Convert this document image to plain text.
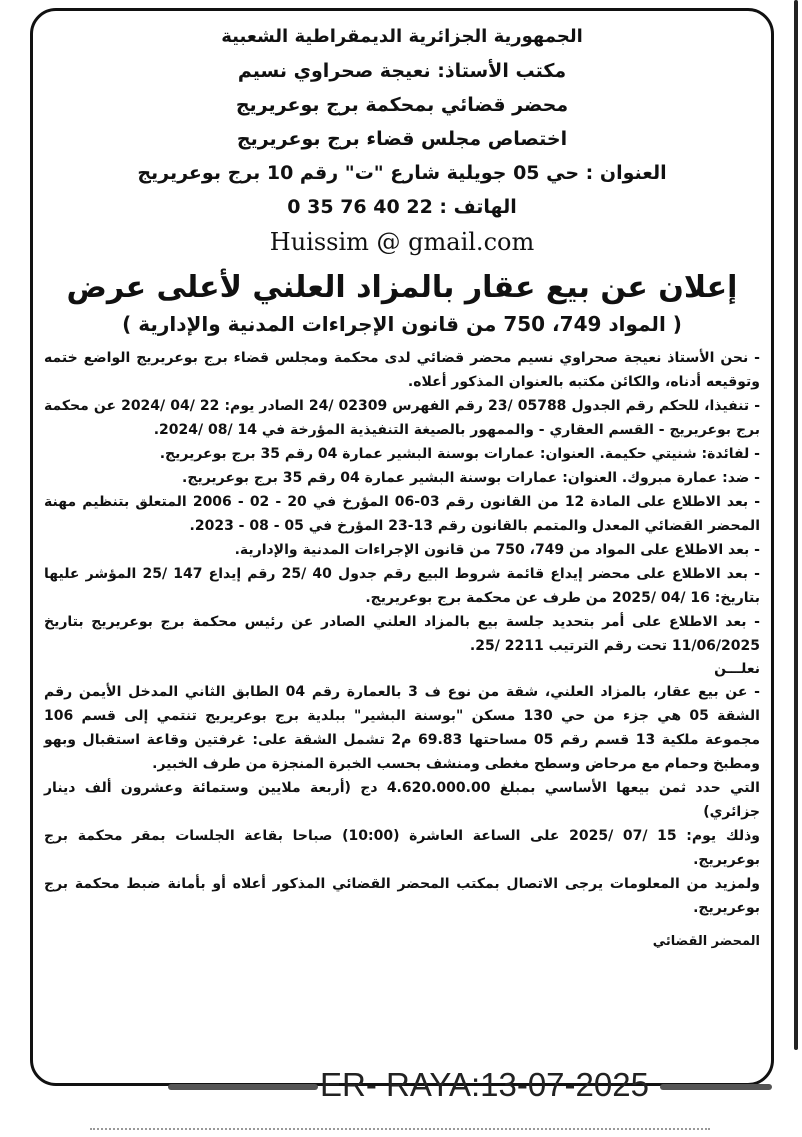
الجمهورية الجزائرية الديمقراطية الشعبية
مكتب الأستاذ: نعيجة صحراوي نسيم
محضر قضائي بمحكمة برج بوعريريج
اختصاص مجلس قضاء برج بوعريريج
العنوان : حي 05 جويلية شارع "ت" رقم 10 برج بوعريريج
الهاتف : 22 40 76 35 0
Huissim @ gmail.com
إعلان عن بيع عقار بالمزاد العلني لأعلى عرض
( المواد 749، 750 من قانون الإجراءات المدنية والإدارية )

- نحن الأستاذ نعيجة صحراوي نسيم محضر قضائي لدى محكمة ومجلس قضاء برج بوعريريج الواضع ختمه وتوقيعه أدناه، والكائن مكتبه بالعنوان المذكور أعلاه.

- تنفيذا، للحكم رقم الجدول 05788 /23 رقم الفهرس 02309 /24 الصادر يوم: 22 /04 /2024 عن محكمة برج بوعريريج - القسم العقاري - والممهور بالصيغة التنفيذية المؤرخة في 14 /08 /2024.

- لفائدة: شنيتي حكيمة. العنوان: عمارات بوسنة البشير عمارة 04 رقم 35 برج بوعريريج.

- ضد: عمارة مبروك. العنوان: عمارات بوسنة البشير عمارة 04 رقم 35 برج بوعريريج.

- بعد الاطلاع على المادة 12 من القانون رقم 03-06 المؤرخ في 20 - 02 - 2006 المتعلق بتنظيم مهنة المحضر القضائي المعدل والمتمم بالقانون رقم 13-23 المؤرخ في 05 - 08 - 2023.

- بعد الاطلاع على المواد من 749، 750 من قانون الإجراءات المدنية والإدارية.

- بعد الاطلاع على محضر إيداع قائمة شروط البيع رقم جدول 40 /25 رقم إيداع 147 /25 المؤشر عليها بتاريخ: 16 /04 /2025 من طرف عن محكمة برج بوعريريج.

- بعد الاطلاع على أمر بتحديد جلسة بيع بالمزاد العلني الصادر عن رئيس محكمة برج بوعريريج بتاريخ 11/06/2025 تحت رقم الترتيب 2211 /25.

نعلـــن

- عن بيع عقار، بالمزاد العلني، شقة من نوع ف 3 بالعمارة رقم 04 الطابق الثاني المدخل الأيمن رقم الشقة 05 هي جزء من حي 130 مسكن "بوسنة البشير" ببلدية برج بوعريريج تنتمي إلى قسم 106 مجموعة ملكية 13 قسم رقم 05 مساحتها 69.83 م2 تشمل الشقة على: غرفتين وقاعة استقبال وبهو ومطبخ وحمام مع مرحاض وسطح مغطى ومنشف بحسب الخبرة المنجزة من طرف الخبير.

التي حدد ثمن بيعها الأساسي بمبلغ 4.620.000.00 دج (أربعة ملايين وستمائة وعشرون ألف دينار جزائري)

وذلك يوم: 15 /07 /2025 على الساعة العاشرة (10:00) صباحا بقاعة الجلسات بمقر محكمة برج بوعريريج.

ولمزيد من المعلومات يرجى الاتصال بمكتب المحضر القضائي المذكور أعلاه أو بأمانة ضبط محكمة برج بوعريريج.

المحضر القضائي
ER- RAYA:13-07-2025
